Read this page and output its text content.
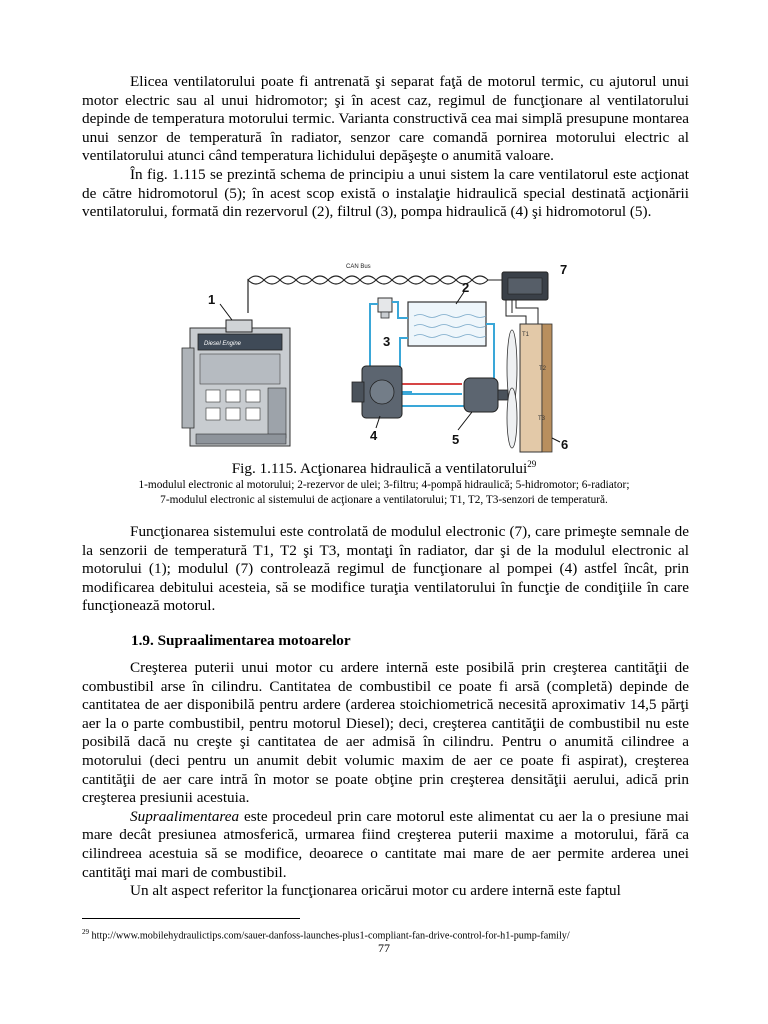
Elicea ventilatorului poate fi antrenată şi separat faţă de motorul termic, cu ajutorul unui motor electric sau al unui hidromotor; şi în acest caz, regimul de funcţionare al ventilatorului depinde de temperatura motorului termic. Varianta constructivă cea mai simplă presupune montarea unui senzor de temperatură în radiator, senzor care comandă pornirea motorului electric al ventilatorului atunci când temperatura lichidului depăşeşte o anumită valoare.

În fig. 1.115 se prezintă schema de principiu a unui sistem la care ventilatorul este acţionat de către hidromotorul (5); în acest scop există o instalaţie hidraulică special destinată acţionării ventilatorului, formată din rezervorul (2), filtrul (3), pompa hidraulică (4) şi hidromotorul (5).

CAN Bus
Diesel Engine
1
2
3
4	5
T1
T2
T3
6
7
Fig. 1.115. Acţionarea hidraulică a ventilatorului$^{29}$
1-modulul electronic al motorului; 2-rezervor de ulei; 3-filtru; 4-pompă hidraulică; 5-hidromotor; 6-radiator;
7-modulul electronic al sistemului de acţionare a ventilatorului; T1, T2, T3-senzori de temperatură.

Funcţionarea sistemului este controlată de modulul electronic (7), care primeşte semnale de la senzorii de temperatură T1, T2 şi T3, montaţi în radiator, dar şi de la modulul electronic al motorului (1); modulul (7) controlează regimul de funcţionare al pompei (4) astfel încât, prin modificarea debitului acesteia, să se modifice turaţia ventilatorului în funcţie de condiţiile în care funcţionează motorul.

1.9. Supraalimentarea motoarelor

Creşterea puterii unui motor cu ardere internă este posibilă prin creşterea cantităţii de combustibil arse în cilindru. Cantitatea de combustibil ce poate fi arsă (completă) depinde de cantitatea de aer disponibilă pentru ardere (arderea stoichiometrică necesită aproximativ 14,5 părţi aer la o parte combustibil, pentru motorul Diesel); deci, creşterea cantităţii de combustibil nu este posibilă dacă nu creşte şi cantitatea de aer admisă în cilindru. Pentru o anumită cilindree a motorului (deci pentru un anumit debit volumic maxim de aer ce poate fi aspirat), creşterea cantităţii de aer care intră în motor se poate obţine prin creşterea densităţii aerului, adică prin creşterea presiunii acestuia.

Supraalimentarea este procedeul prin care motorul este alimentat cu aer la o presiune mai mare decât presiunea atmosferică, urmarea fiind creşterea puterii maxime a motorului, fără ca cilindreea acestuia să se modifice, deoarece o cantitate mai mare de aer permite arderea unei cantităţi mai mari de combustibil.

Un alt aspect referitor la funcţionarea oricărui motor cu ardere internă este faptul

$^{29}$ http://www.mobilehydraulictips.com/sauer-danfoss-launches-plus1-compliant-fan-drive-control-for-h1-pump-family/
77
